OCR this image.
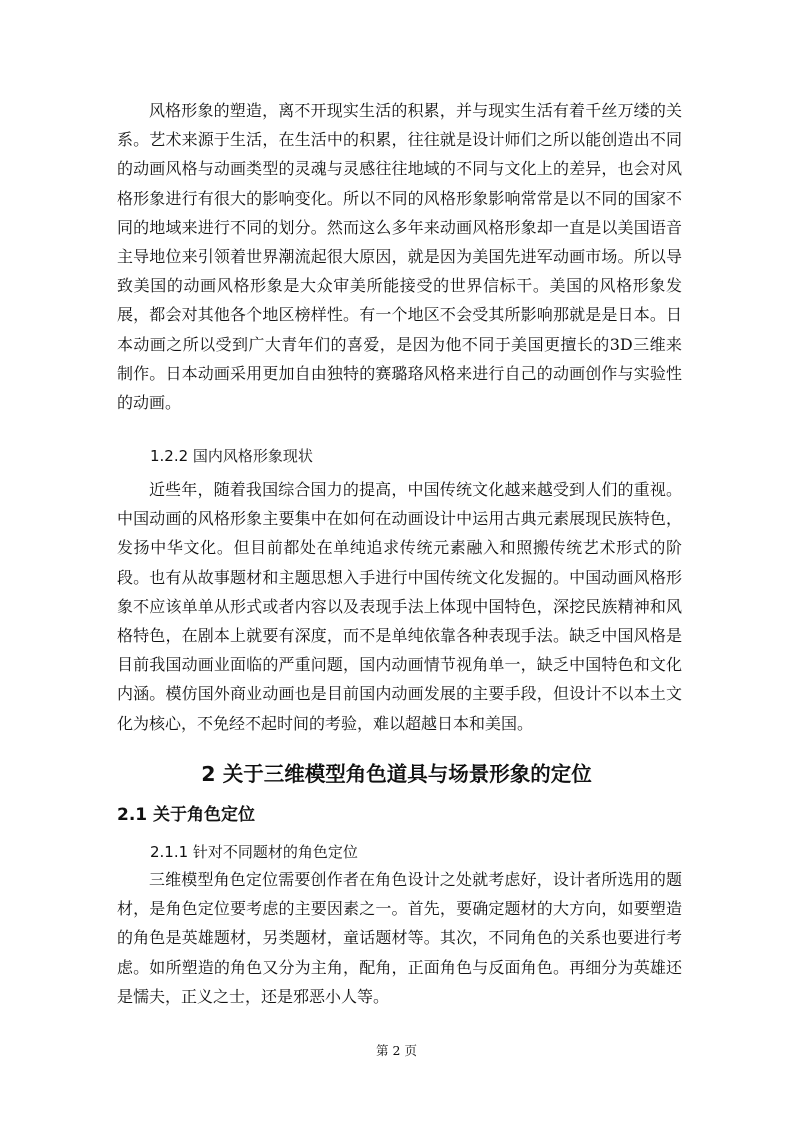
风格形象的塑造，离不开现实生活的积累，并与现实生活有着千丝万缕的关系。艺术来源于生活，在生活中的积累，往往就是设计师们之所以能创造出不同的动画风格与动画类型的灵魂与灵感往往地域的不同与文化上的差异，也会对风格形象进行有很大的影响变化。所以不同的风格形象影响常常是以不同的国家不同的地域来进行不同的划分。然而这么多年来动画风格形象却一直是以美国语音主导地位来引领着世界潮流起很大原因，就是因为美国先进军动画市场。所以导致美国的动画风格形象是大众审美所能接受的世界信标干。美国的风格形象发展，都会对其他各个地区榜样性。有一个地区不会受其所影响那就是是日本。日本动画之所以受到广大青年们的喜爱，是因为他不同于美国更擅长的3D三维来制作。日本动画采用更加自由独特的赛璐珞风格来进行自己的动画创作与实验性的动画。

1.2.2 国内风格形象现状

近些年，随着我国综合国力的提高，中国传统文化越来越受到人们的重视。中国动画的风格形象主要集中在如何在动画设计中运用古典元素展现民族特色，发扬中华文化。但目前都处在单纯追求传统元素融入和照搬传统艺术形式的阶段。也有从故事题材和主题思想入手进行中国传统文化发掘的。中国动画风格形象不应该单单从形式或者内容以及表现手法上体现中国特色，深挖民族精神和风格特色，在剧本上就要有深度，而不是单纯依靠各种表现手法。缺乏中国风格是目前我国动画业面临的严重问题，国内动画情节视角单一，缺乏中国特色和文化内涵。模仿国外商业动画也是目前国内动画发展的主要手段，但设计不以本土文化为核心，不免经不起时间的考验，难以超越日本和美国。

2 关于三维模型角色道具与场景形象的定位
2.1 关于角色定位
2.1.1 针对不同题材的角色定位

三维模型角色定位需要创作者在角色设计之处就考虑好，设计者所选用的题材，是角色定位要考虑的主要因素之一。首先，要确定题材的大方向，如要塑造的角色是英雄题材，另类题材，童话题材等。其次，不同角色的关系也要进行考虑。如所塑造的角色又分为主角，配角，正面角色与反面角色。再细分为英雄还是懦夫，正义之士，还是邪恶小人等。

第 2 页
